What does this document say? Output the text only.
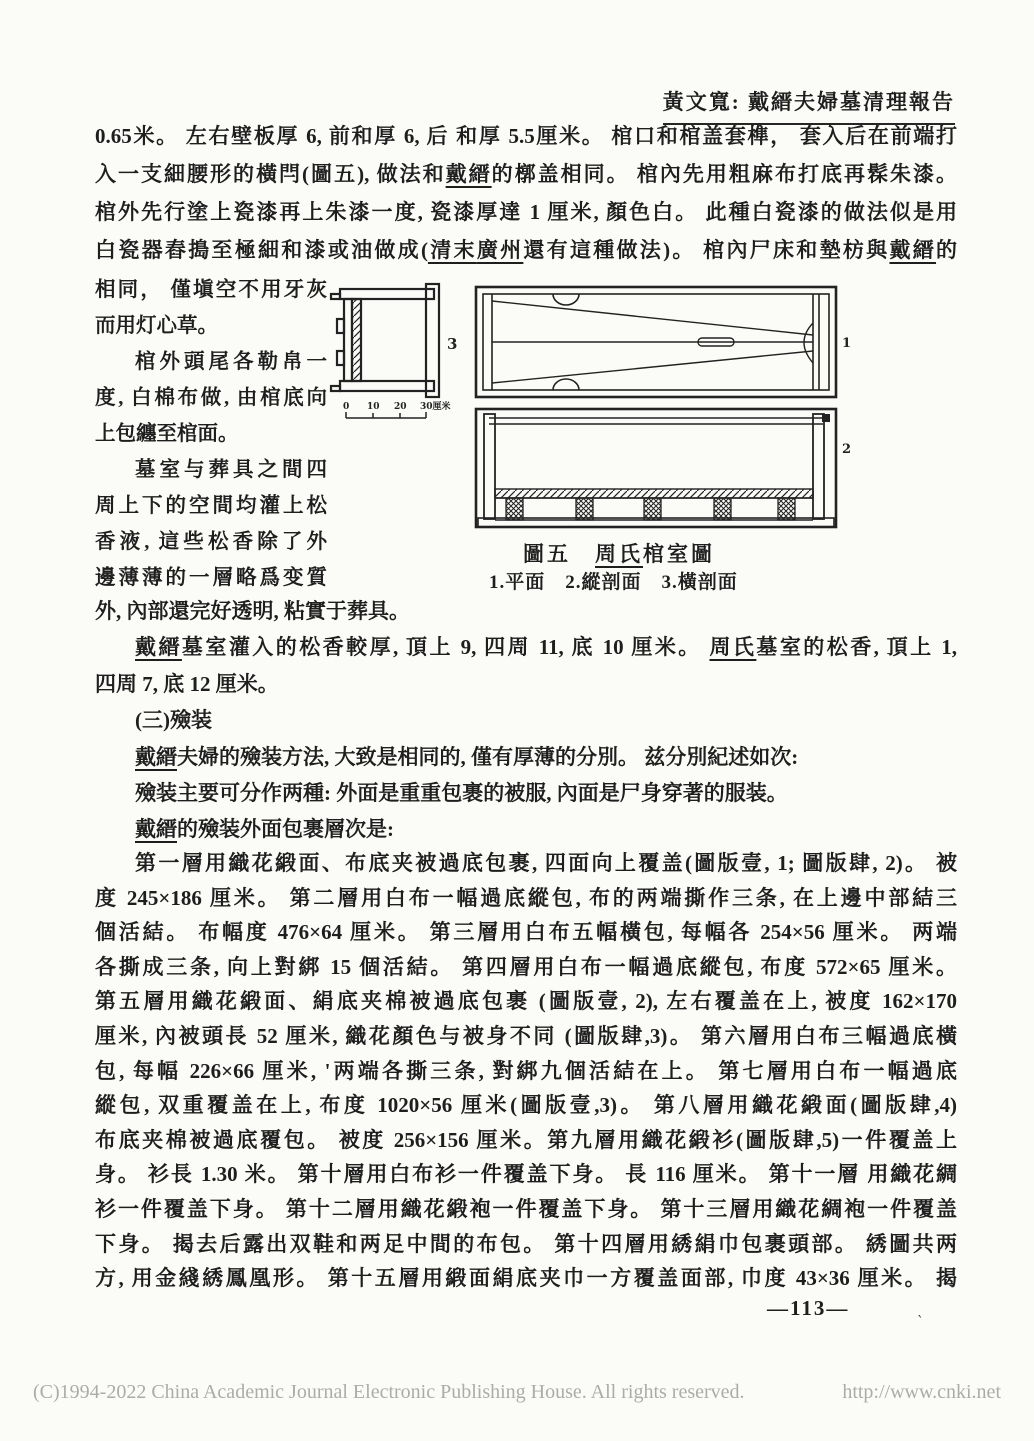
黃文寬: 戴縉夫婦墓清理報告
0.65米。 左右壁板厚 6, 前和厚 6, 后 和厚 5.5厘米。 棺口和棺盖套榫， 套入后在前端打
入一支細腰形的橫閂(圖五), 做法和戴縉的槨盖相同。 棺內先用粗麻布打底再髹朱漆。
棺外先行塗上瓷漆再上朱漆一度, 瓷漆厚達 1 厘米, 顏色白。 此種白瓷漆的做法似是用
白瓷器舂搗至極細和漆或油做成(清末廣州還有這種做法)。 棺內尸床和墊枋與戴縉的
相同， 僅塡空不用牙灰
而用灯心草。
棺外頭尾各勒帛一
度, 白棉布做, 由棺底向
上包纏至棺面。
墓室与葬具之間四
周上下的空間均灌上松
香液, 這些松香除了外
邊薄薄的一層略爲变質
3
0 10 20 30厘米
1
2
圖五　周氏棺室圖
1.平面　2.縱剖面　3.橫剖面
外, 內部還完好透明, 粘實于葬具。
戴縉墓室灌入的松香較厚, 頂上 9, 四周 11, 底 10 厘米。 周氏墓室的松香, 頂上 1,
四周 7, 底 12 厘米。
(三)殮装
戴縉夫婦的殮装方法, 大致是相同的, 僅有厚薄的分別。 兹分別紀述如次:
殮装主要可分作两種: 外面是重重包裹的被服, 內面是尸身穿著的服装。
戴縉的殮装外面包裹層次是:
第一層用織花緞面、布底夹被過底包裹, 四面向上覆盖(圖版壹, 1; 圖版肆, 2)。 被
度 245×186 厘米。 第二層用白布一幅過底縱包, 布的两端撕作三条, 在上邊中部結三
個活結。 布幅度 476×64 厘米。 第三層用白布五幅橫包, 每幅各 254×56 厘米。 两端
各撕成三条, 向上對綁 15 個活結。 第四層用白布一幅過底縱包, 布度 572×65 厘米。
第五層用織花緞面、絹底夹棉被過底包裹 (圖版壹, 2), 左右覆盖在上, 被度 162×170
厘米, 內被頭長 52 厘米, 織花顏色与被身不同 (圖版肆,3)。 第六層用白布三幅過底橫
包, 每幅 226×66 厘米, '两端各撕三条, 對綁九個活結在上。 第七層用白布一幅過底
縱包, 双重覆盖在上, 布度 1020×56 厘米(圖版壹,3)。 第八層用織花緞面(圖版肆,4)
布底夹棉被過底覆包。 被度 256×156 厘米。第九層用織花緞衫(圖版肆,5)一件覆盖上
身。 衫長 1.30 米。 第十層用白布衫一件覆盖下身。 長 116 厘米。 第十一層 用織花綢
衫一件覆盖下身。 第十二層用織花緞袍一件覆盖下身。 第十三層用織花綢袍一件覆盖
下身。 揭去后露出双鞋和两足中間的布包。 第十四層用綉絹巾包裹頭部。 綉圖共两
方, 用金綫綉鳳凰形。 第十五層用緞面絹底夹巾一方覆盖面部, 巾度 43×36 厘米。 揭
—113—
‵
(C)1994-2022 China Academic Journal Electronic Publishing House. All rights reserved.	http://www.cnki.net
